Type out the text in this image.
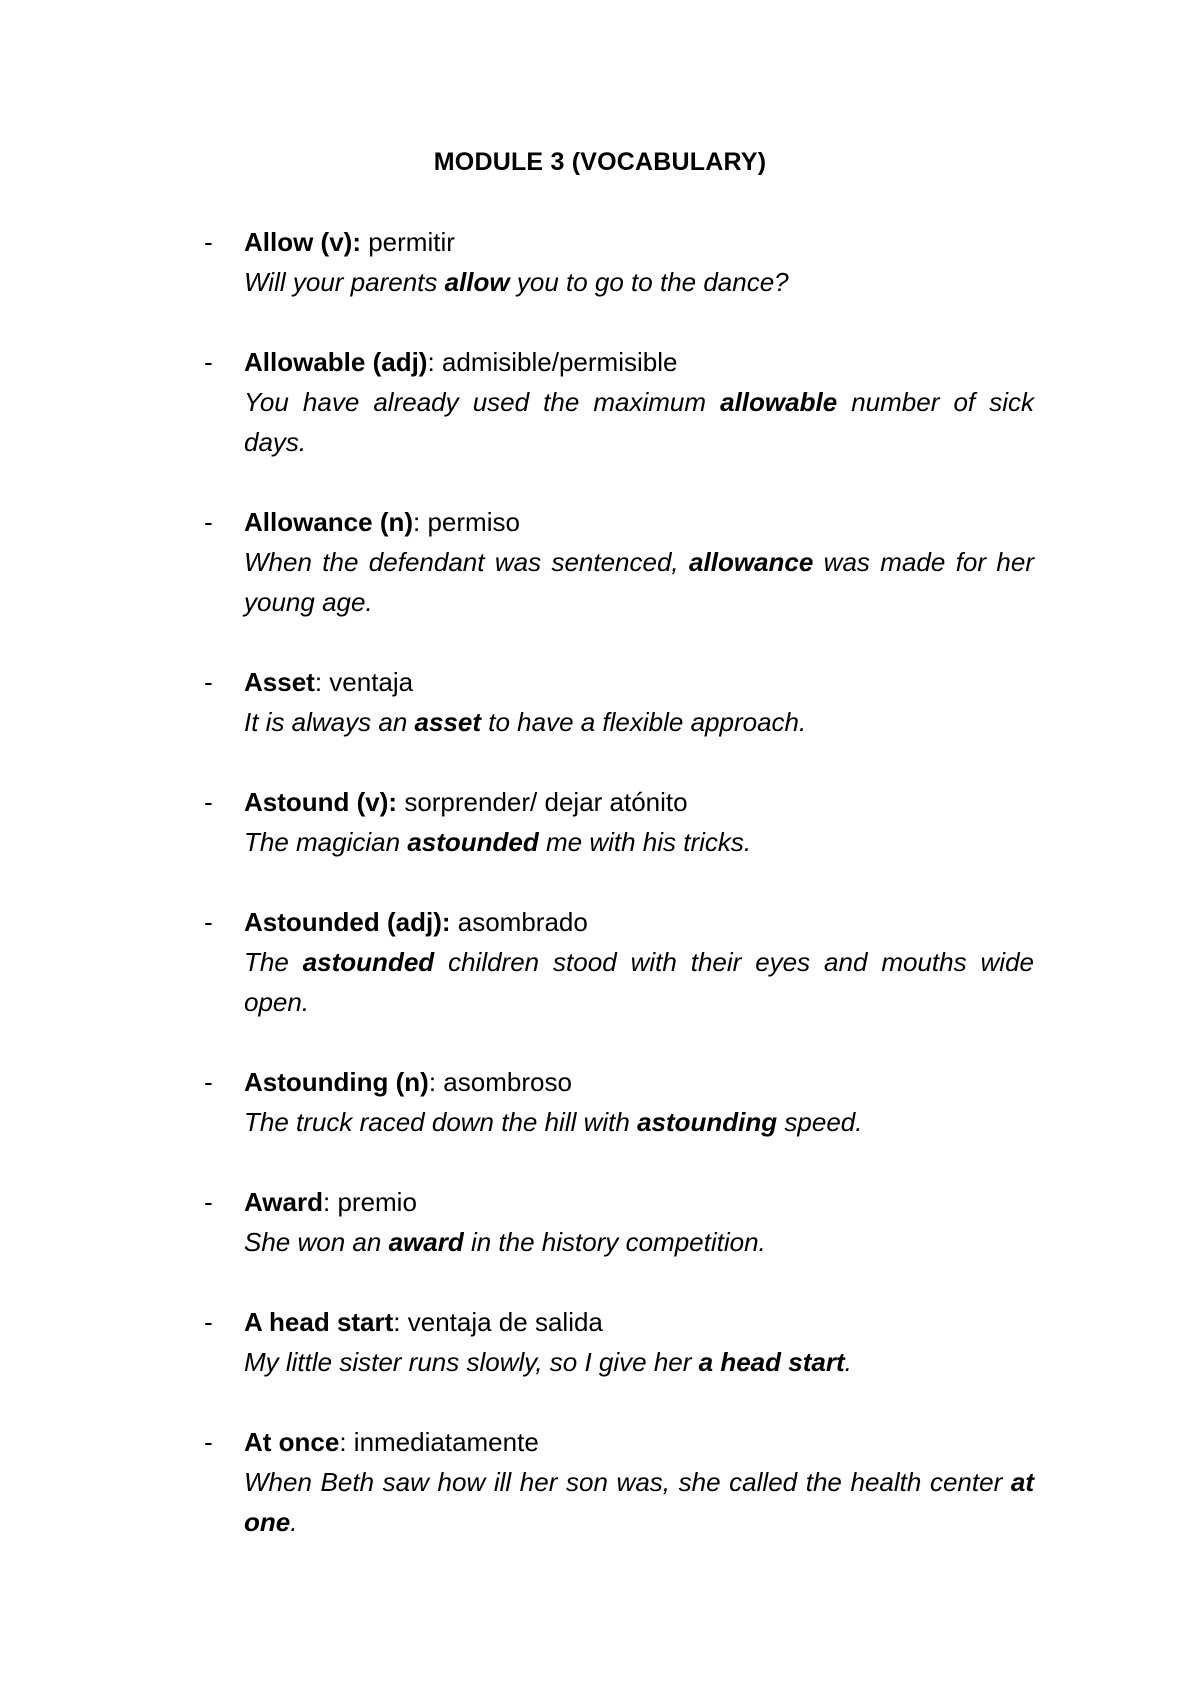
MODULE 3 (VOCABULARY)
- Allow (v): permitir
Will your parents allow you to go to the dance?
- Allowable (adj): admisible/permisible
You have already used the maximum allowable number of sick days.
- Allowance (n): permiso
When the defendant was sentenced, allowance was made for her young age.
- Asset: ventaja
It is always an asset to have a flexible approach.
- Astound (v): sorprender/ dejar atónito
The magician astounded me with his tricks.
- Astounded (adj): asombrado
The astounded children stood with their eyes and mouths wide open.
- Astounding (n): asombroso
The truck raced down the hill with astounding speed.
- Award: premio
She won an award in the history competition.
- A head start: ventaja de salida
My little sister runs slowly, so I give her a head start.
- At once: inmediatamente
When Beth saw how ill her son was, she called the health center at one.
